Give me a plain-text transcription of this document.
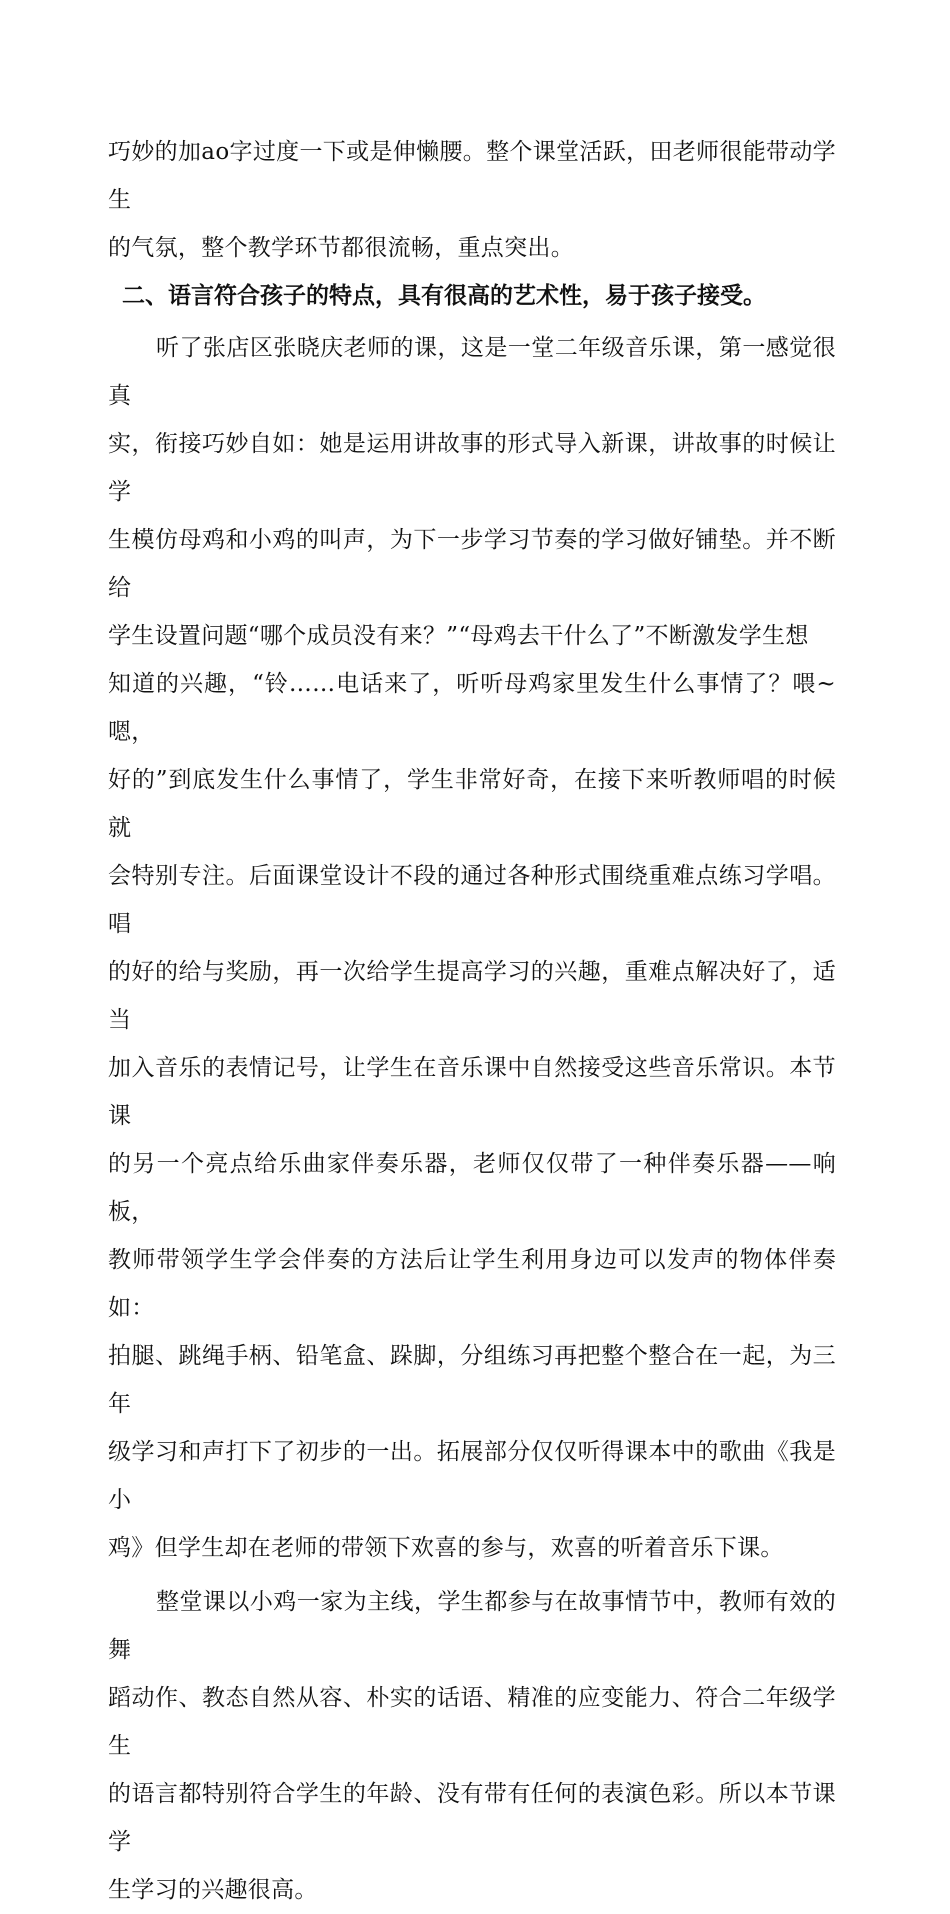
巧妙的加ao字过度一下或是伸懒腰。整个课堂活跃，田老师很能带动学生
的气氛，整个教学环节都很流畅，重点突出。

二、语言符合孩子的特点，具有很高的艺术性，易于孩子接受。

听了张店区张晓庆老师的课，这是一堂二年级音乐课，第一感觉很真
实，衔接巧妙自如：她是运用讲故事的形式导入新课，讲故事的时候让学
生模仿母鸡和小鸡的叫声，为下一步学习节奏的学习做好铺垫。并不断给
学生设置问题“哪个成员没有来？”“母鸡去干什么了”不断激发学生想
知道的兴趣，“铃……电话来了，听听母鸡家里发生什么事情了？喂~嗯，
好的”到底发生什么事情了，学生非常好奇，在接下来听教师唱的时候就
会特别专注。后面课堂设计不段的通过各种形式围绕重难点练习学唱。唱
的好的给与奖励，再一次给学生提高学习的兴趣，重难点解决好了，适当
加入音乐的表情记号，让学生在音乐课中自然接受这些音乐常识。本节课
的另一个亮点给乐曲家伴奏乐器，老师仅仅带了一种伴奏乐器——响板，
教师带领学生学会伴奏的方法后让学生利用身边可以发声的物体伴奏如：
拍腿、跳绳手柄、铅笔盒、跺脚，分组练习再把整个整合在一起，为三年
级学习和声打下了初步的一出。拓展部分仅仅听得课本中的歌曲《我是小
鸡》但学生却在老师的带领下欢喜的参与，欢喜的听着音乐下课。

整堂课以小鸡一家为主线，学生都参与在故事情节中，教师有效的舞
蹈动作、教态自然从容、朴实的话语、精准的应变能力、符合二年级学生
的语言都特别符合学生的年龄、没有带有任何的表演色彩。所以本节课学
生学习的兴趣很高。
